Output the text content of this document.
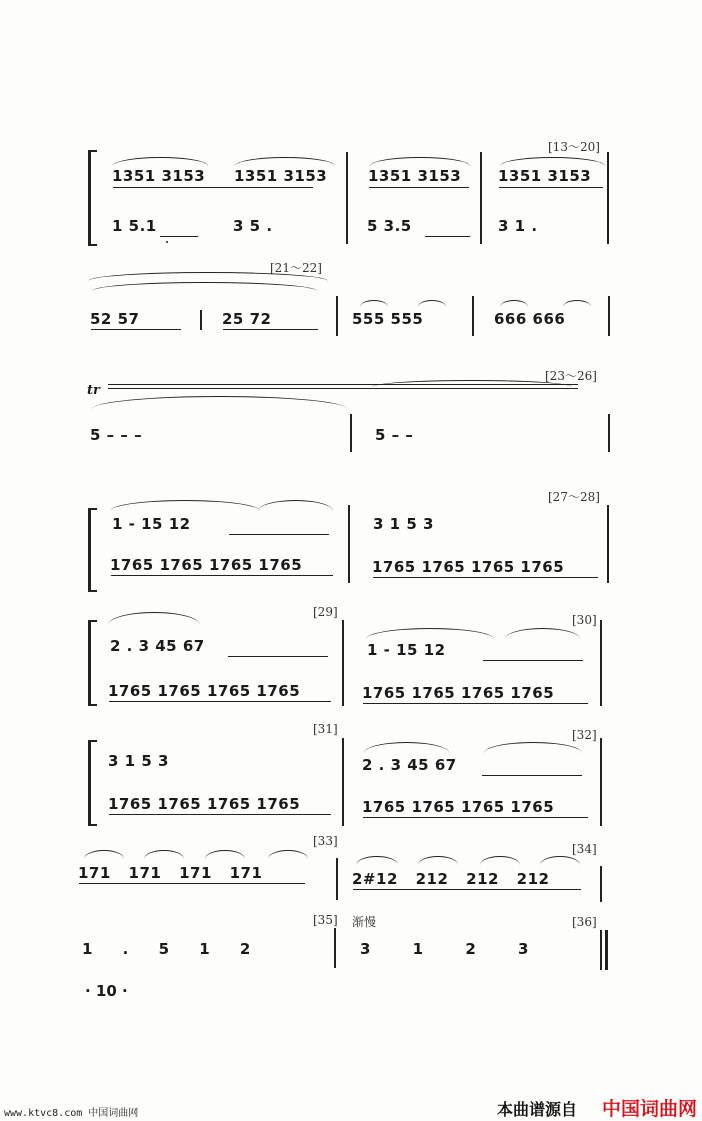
[13～20]
1351 3153 1351 3153	1351 3153 1351 3153
1 5.1	3 5 .	5 3.5	3 1 .
[21～22]
52 57	25 72	555 555	666 666
tr
[23～26]
5 – – –	5 – –
[27～28]
1 - 15 12	3 1 5 3
1765 1765 1765 1765	1765 1765 1765 1765
[29]
[30]
2 . 3 45 67	1 - 15 12
1765 1765 1765 1765	1765 1765 1765 1765
[31]	[32]
3 1 5 3	2 . 3 45 67
1765 1765 1765 1765	1765 1765 1765 1765
[33]
[34]
171 171 171 171	2#12 212 212 212
[35] 渐慢	[36]
1 . 5 1 2	3 1 2 3
· 10 ·
www.ktvc8.com 中国词曲网	本曲谱源自 中国词曲网
